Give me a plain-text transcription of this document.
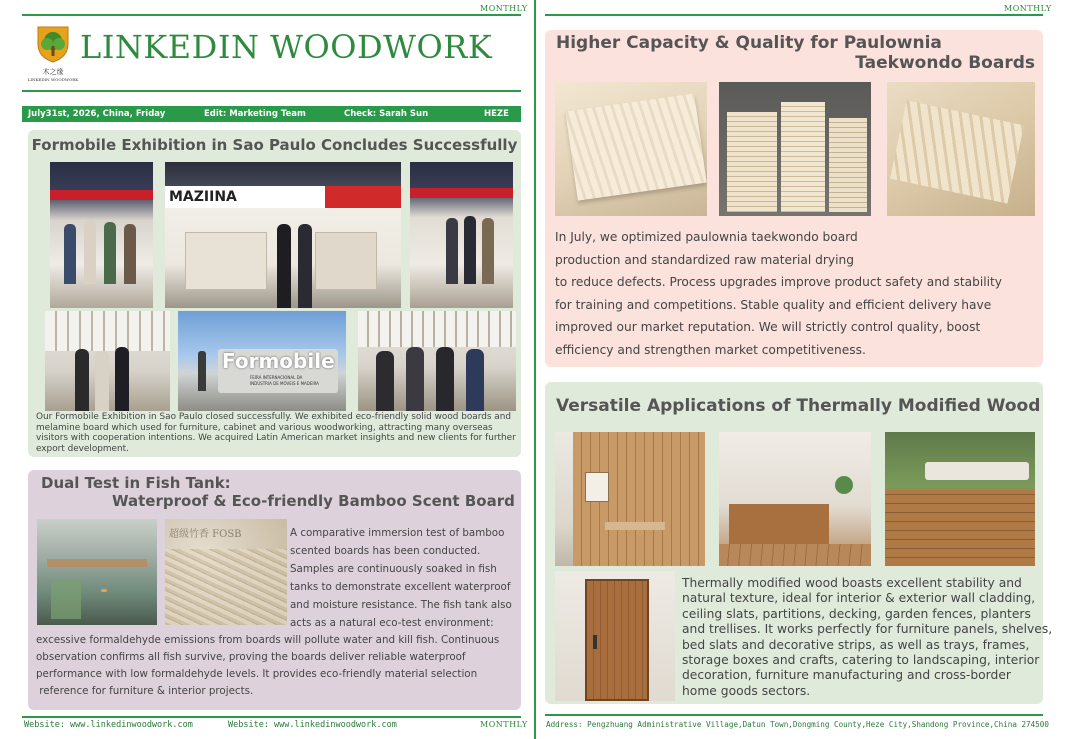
MONTHLY
木之缘
LINKEDIN WOODWORK
LINKEDIN WOODWORK
July31st, 2026, China, Friday	Edit: Marketing Team	Check: Sarah Sun	HEZE
Formobile Exhibition in Sao Paulo Concludes Successfully
MAZIINA
Formobile
FEIRA INTERNACIONAL DA
INDÚSTRIA DE MÓVEIS E MADEIRA
Our Formobile Exhibition in Sao Paulo closed successfully. We exhibited eco-friendly solid wood boards and melamine board which used for furniture, cabinet and various woodworking, attracting many overseas visitors with cooperation intentions. We acquired Latin American market insights and new clients for further export development.
Dual Test in Fish Tank:
Waterproof & Eco-friendly Bamboo Scent Board
超级竹香 FOSB	A comparative immersion test of bamboo
scented boards has been conducted.
Samples are continuously soaked in fish
tanks to demonstrate excellent waterproof
and moisture resistance. The fish tank also
acts as a natural eco-test environment:
excessive formaldehyde emissions from boards will pollute water and kill fish. Continuous
observation confirms all fish survive, proving the boards deliver reliable waterproof
performance with low formaldehyde levels. It provides eco-friendly material selection
reference for furniture & interior projects.
Website: www.linkedinwoodwork.com	Website: www.linkedinwoodwork.com	MONTHLY
MONTHLY
Higher Capacity & Quality for Paulownia
Taekwondo Boards
In July, we optimized paulownia taekwondo board
production and standardized raw material drying
to reduce defects. Process upgrades improve product safety and stability
for training and competitions. Stable quality and efficient delivery have
improved our market reputation. We will strictly control quality, boost
efficiency and strengthen market competitiveness.
Versatile Applications of Thermally Modified Wood
Thermally modified wood boasts excellent stability and
natural texture, ideal for interior & exterior wall cladding,
ceiling slats, partitions, decking, garden fences, planters
and trellises. It works perfectly for furniture panels, shelves,
bed slats and decorative strips, as well as trays, frames,
storage boxes and crafts, catering to landscaping, interior
decoration, furniture manufacturing and cross-border
home goods sectors.
Address: Pengzhuang Administrative Village,Datun Town,Dongming County,Heze City,Shandong Province,China 274500
